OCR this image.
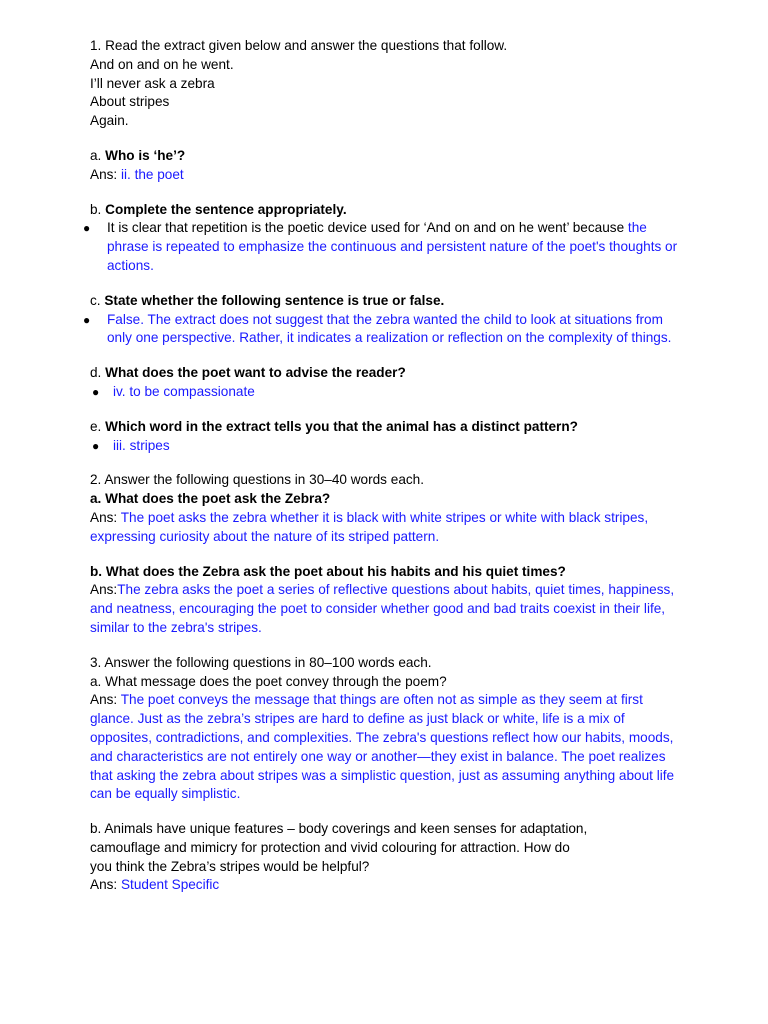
1. Read the extract given below and answer the questions that follow.
And on and on he went.
I’ll never ask a zebra
About stripes
Again.
a. Who is ‘he’?
Ans: ii. the poet
b. Complete the sentence appropriately.
● It is clear that repetition is the poetic device used for ‘And on and on he went’ because the phrase is repeated to emphasize the continuous and persistent nature of the poet's thoughts or actions.
c. State whether the following sentence is true or false.
● False. The extract does not suggest that the zebra wanted the child to look at situations from only one perspective. Rather, it indicates a realization or reflection on the complexity of things.
d. What does the poet want to advise the reader?
● iv. to be compassionate
e. Which word in the extract tells you that the animal has a distinct pattern?
● iii. stripes
2. Answer the following questions in 30–40 words each.
a. What does the poet ask the Zebra?
Ans: The poet asks the zebra whether it is black with white stripes or white with black stripes, expressing curiosity about the nature of its striped pattern.
b. What does the Zebra ask the poet about his habits and his quiet times?
Ans:The zebra asks the poet a series of reflective questions about habits, quiet times, happiness, and neatness, encouraging the poet to consider whether good and bad traits coexist in their life, similar to the zebra's stripes.
3. Answer the following questions in 80–100 words each.
a. What message does the poet convey through the poem?
Ans: The poet conveys the message that things are often not as simple as they seem at first glance. Just as the zebra’s stripes are hard to define as just black or white, life is a mix of opposites, contradictions, and complexities. The zebra's questions reflect how our habits, moods, and characteristics are not entirely one way or another—they exist in balance. The poet realizes that asking the zebra about stripes was a simplistic question, just as assuming anything about life can be equally simplistic.
b. Animals have unique features – body coverings and keen senses for adaptation,
camouflage and mimicry for protection and vivid colouring for attraction. How do
you think the Zebra’s stripes would be helpful?
Ans: Student Specific
